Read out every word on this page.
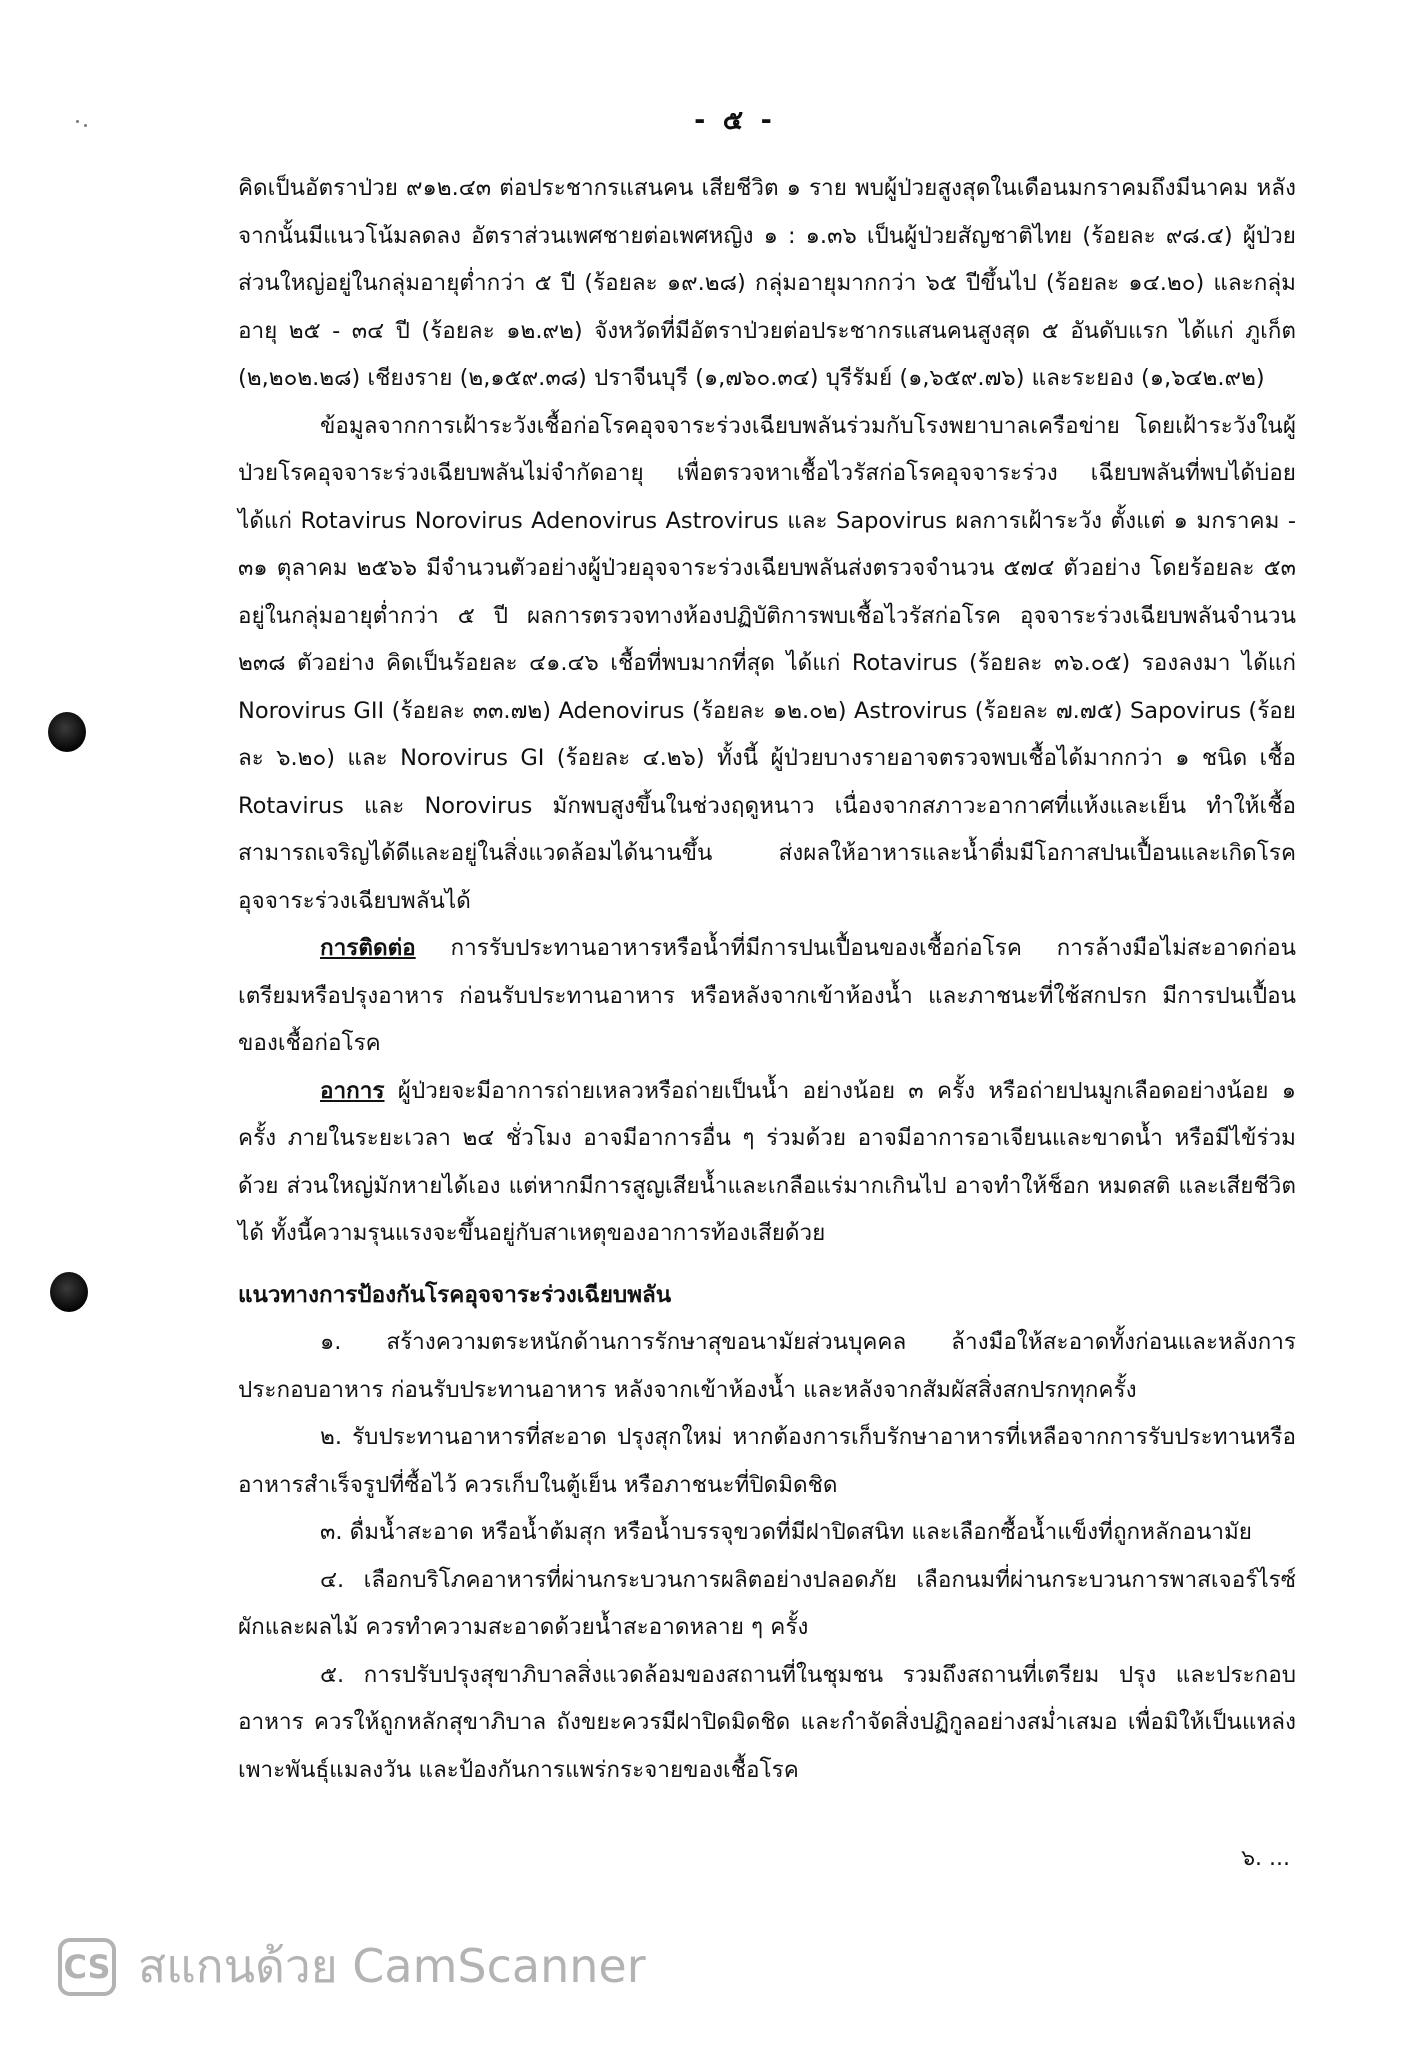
- ๕ -

คิดเป็นอัตราป่วย ๙๑๒.๔๓ ต่อประชากรแสนคน เสียชีวิต ๑ ราย พบผู้ป่วยสูงสุดในเดือนมกราคมถึงมีนาคม หลังจากนั้นมีแนวโน้มลดลง อัตราส่วนเพศชายต่อเพศหญิง ๑ : ๑.๓๖ เป็นผู้ป่วยสัญชาติไทย (ร้อยละ ๙๘.๔) ผู้ป่วยส่วนใหญ่อยู่ในกลุ่มอายุต่ำกว่า ๕ ปี (ร้อยละ ๑๙.๒๘) กลุ่มอายุมากกว่า ๖๕ ปีขึ้นไป (ร้อยละ ๑๔.๒๐) และกลุ่มอายุ ๒๕ - ๓๔ ปี (ร้อยละ ๑๒.๙๒) จังหวัดที่มีอัตราป่วยต่อประชากรแสนคนสูงสุด ๕ อันดับแรก ได้แก่ ภูเก็ต (๒,๒๐๒.๒๘) เชียงราย (๒,๑๕๙.๓๘) ปราจีนบุรี (๑,๗๖๐.๓๔) บุรีรัมย์ (๑,๖๕๙.๗๖) และระยอง (๑,๖๔๒.๙๒)

ข้อมูลจากการเฝ้าระวังเชื้อก่อโรคอุจจาระร่วงเฉียบพลันร่วมกับโรงพยาบาลเครือข่าย โดยเฝ้าระวังในผู้ป่วยโรคอุจจาระร่วงเฉียบพลันไม่จำกัดอายุ เพื่อตรวจหาเชื้อไวรัสก่อโรคอุจจาระร่วง เฉียบพลันที่พบได้บ่อย ได้แก่ Rotavirus Norovirus Adenovirus Astrovirus และ Sapovirus ผลการเฝ้าระวัง ตั้งแต่ ๑ มกราคม - ๓๑ ตุลาคม ๒๕๖๖ มีจำนวนตัวอย่างผู้ป่วยอุจจาระร่วงเฉียบพลันส่งตรวจจำนวน ๕๗๔ ตัวอย่าง โดยร้อยละ ๕๓ อยู่ในกลุ่มอายุต่ำกว่า ๕ ปี ผลการตรวจทางห้องปฏิบัติการพบเชื้อไวรัสก่อโรค อุจจาระร่วงเฉียบพลันจำนวน ๒๓๘ ตัวอย่าง คิดเป็นร้อยละ ๔๑.๔๖ เชื้อที่พบมากที่สุด ได้แก่ Rotavirus (ร้อยละ ๓๖.๐๕) รองลงมา ได้แก่ Norovirus GII (ร้อยละ ๓๓.๗๒) Adenovirus (ร้อยละ ๑๒.๐๒) Astrovirus (ร้อยละ ๗.๗๕) Sapovirus (ร้อยละ ๖.๒๐) และ Norovirus GI (ร้อยละ ๔.๒๖) ทั้งนี้ ผู้ป่วยบางรายอาจตรวจพบเชื้อได้มากกว่า ๑ ชนิด เชื้อ Rotavirus และ Norovirus มักพบสูงขึ้นในช่วงฤดูหนาว เนื่องจากสภาวะอากาศที่แห้งและเย็น ทำให้เชื้อสามารถเจริญได้ดีและอยู่ในสิ่งแวดล้อมได้นานขึ้น ส่งผลให้อาหารและน้ำดื่มมีโอกาสปนเปื้อนและเกิดโรคอุจจาระร่วงเฉียบพลันได้

การติดต่อ การรับประทานอาหารหรือน้ำที่มีการปนเปื้อนของเชื้อก่อโรค การล้างมือไม่สะอาดก่อนเตรียมหรือปรุงอาหาร ก่อนรับประทานอาหาร หรือหลังจากเข้าห้องน้ำ และภาชนะที่ใช้สกปรก มีการปนเปื้อนของเชื้อก่อโรค

อาการ ผู้ป่วยจะมีอาการถ่ายเหลวหรือถ่ายเป็นน้ำ อย่างน้อย ๓ ครั้ง หรือถ่ายปนมูกเลือดอย่างน้อย ๑ ครั้ง ภายในระยะเวลา ๒๔ ชั่วโมง อาจมีอาการอื่น ๆ ร่วมด้วย อาจมีอาการอาเจียนและขาดน้ำ หรือมีไข้ร่วมด้วย ส่วนใหญ่มักหายได้เอง แต่หากมีการสูญเสียน้ำและเกลือแร่มากเกินไป อาจทำให้ช็อก หมดสติ และเสียชีวิตได้ ทั้งนี้ความรุนแรงจะขึ้นอยู่กับสาเหตุของอาการท้องเสียด้วย

แนวทางการป้องกันโรคอุจจาระร่วงเฉียบพลัน

๑. สร้างความตระหนักด้านการรักษาสุขอนามัยส่วนบุคคล ล้างมือให้สะอาดทั้งก่อนและหลังการประกอบอาหาร ก่อนรับประทานอาหาร หลังจากเข้าห้องน้ำ และหลังจากสัมผัสสิ่งสกปรกทุกครั้ง

๒. รับประทานอาหารที่สะอาด ปรุงสุกใหม่ หากต้องการเก็บรักษาอาหารที่เหลือจากการรับประทานหรืออาหารสำเร็จรูปที่ซื้อไว้ ควรเก็บในตู้เย็น หรือภาชนะที่ปิดมิดชิด

๓. ดื่มน้ำสะอาด หรือน้ำต้มสุก หรือน้ำบรรจุขวดที่มีฝาปิดสนิท และเลือกซื้อน้ำแข็งที่ถูกหลักอนามัย

๔. เลือกบริโภคอาหารที่ผ่านกระบวนการผลิตอย่างปลอดภัย เลือกนมที่ผ่านกระบวนการพาสเจอร์ไรซ์ ผักและผลไม้ ควรทำความสะอาดด้วยน้ำสะอาดหลาย ๆ ครั้ง

๕. การปรับปรุงสุขาภิบาลสิ่งแวดล้อมของสถานที่ในชุมชน รวมถึงสถานที่เตรียม ปรุง และประกอบอาหาร ควรให้ถูกหลักสุขาภิบาล ถังขยะควรมีฝาปิดมิดชิด และกำจัดสิ่งปฏิกูลอย่างสม่ำเสมอ เพื่อมิให้เป็นแหล่งเพาะพันธุ์แมลงวัน และป้องกันการแพร่กระจายของเชื้อโรค

๖. ...
CS สแกนด้วย CamScanner
